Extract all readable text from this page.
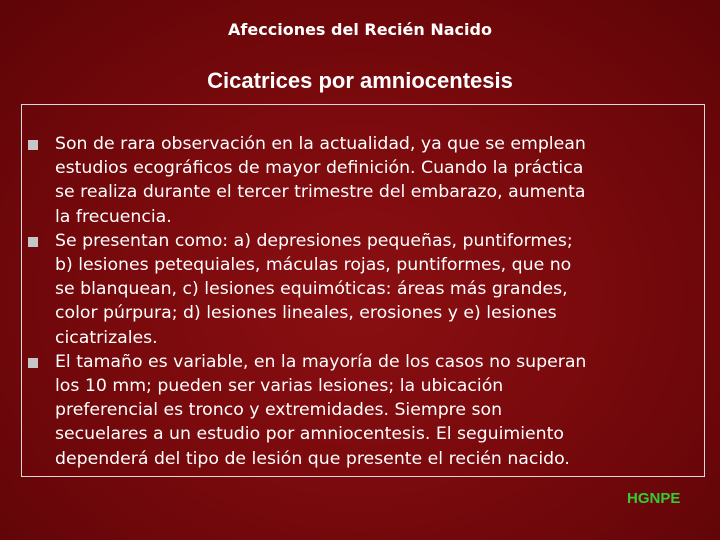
Afecciones del Recién Nacido
Cicatrices por amniocentesis
Son de rara observación en la actualidad, ya que se emplean
estudios ecográficos de mayor definición. Cuando la práctica
se realiza durante el tercer trimestre del embarazo, aumenta
la frecuencia.
Se presentan como: a) depresiones pequeñas, puntiformes;
b) lesiones petequiales, máculas rojas, puntiformes, que no
se blanquean, c) lesiones equimóticas: áreas más grandes,
color púrpura; d) lesiones lineales, erosiones y e) lesiones
cicatrizales.
El tamaño es variable, en la mayoría de los casos no superan
los 10 mm; pueden ser varias lesiones; la ubicación
preferencial es tronco y extremidades. Siempre son
secuelares a un estudio por amniocentesis. El seguimiento
dependerá del tipo de lesión que presente el recién nacido.
HGNPE
